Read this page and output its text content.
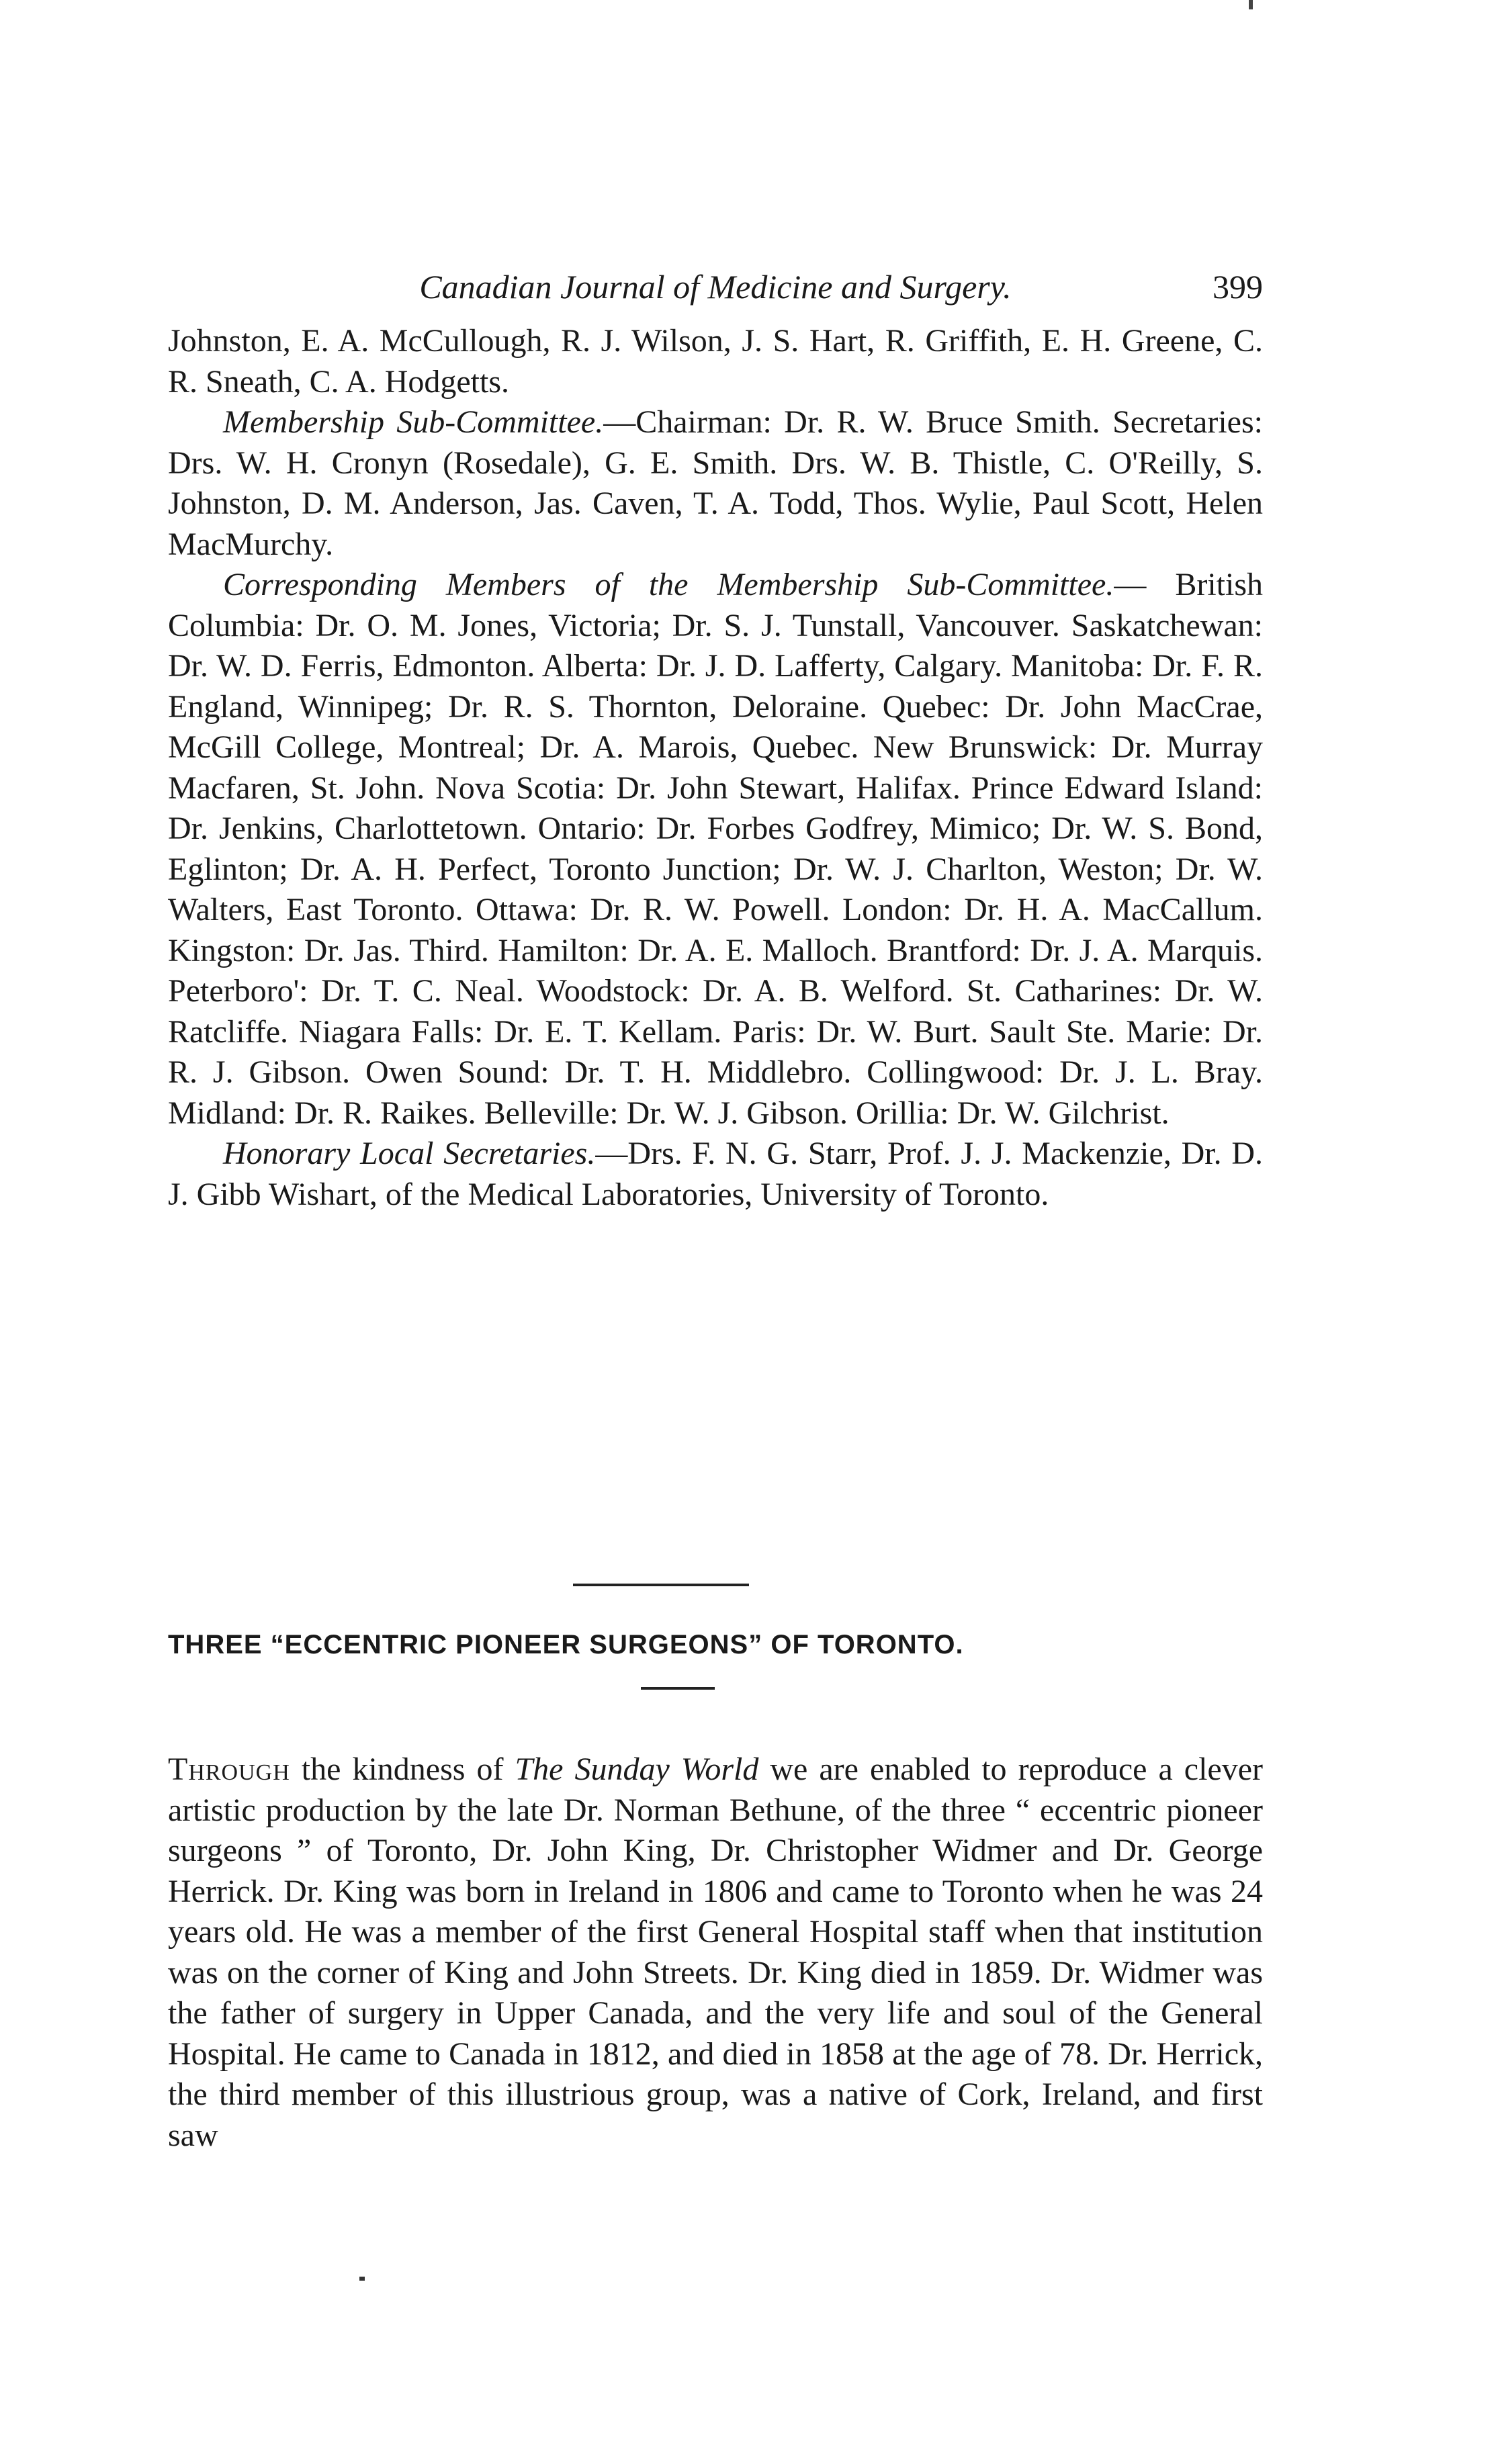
Canadian Journal of Medicine and Surgery.	399

Johnston, E. A. McCullough, R. J. Wilson, J. S. Hart, R. Griffith, E. H. Greene, C. R. Sneath, C. A. Hodgetts.

Membership Sub-Committee.—Chairman: Dr. R. W. Bruce Smith. Secretaries: Drs. W. H. Cronyn (Rosedale), G. E. Smith. Drs. W. B. Thistle, C. O'Reilly, S. Johnston, D. M. Anderson, Jas. Caven, T. A. Todd, Thos. Wylie, Paul Scott, Helen MacMurchy.

Corresponding Members of the Membership Sub-Committee.— British Columbia: Dr. O. M. Jones, Victoria; Dr. S. J. Tunstall, Vancouver. Saskatchewan: Dr. W. D. Ferris, Edmonton. Alberta: Dr. J. D. Lafferty, Calgary. Manitoba: Dr. F. R. England, Winnipeg; Dr. R. S. Thornton, Deloraine. Quebec: Dr. John MacCrae, McGill College, Montreal; Dr. A. Marois, Quebec. New Brunswick: Dr. Murray Macfaren, St. John. Nova Scotia: Dr. John Stewart, Halifax. Prince Edward Island: Dr. Jenkins, Charlottetown. Ontario: Dr. Forbes Godfrey, Mimico; Dr. W. S. Bond, Eglinton; Dr. A. H. Perfect, Toronto Junction; Dr. W. J. Charlton, Weston; Dr. W. Walters, East Toronto. Ottawa: Dr. R. W. Powell. London: Dr. H. A. MacCallum. Kingston: Dr. Jas. Third. Hamilton: Dr. A. E. Malloch. Brantford: Dr. J. A. Marquis. Peterboro': Dr. T. C. Neal. Woodstock: Dr. A. B. Welford. St. Catharines: Dr. W. Ratcliffe. Niagara Falls: Dr. E. T. Kellam. Paris: Dr. W. Burt. Sault Ste. Marie: Dr. R. J. Gibson. Owen Sound: Dr. T. H. Middlebro. Collingwood: Dr. J. L. Bray. Midland: Dr. R. Raikes. Belleville: Dr. W. J. Gibson. Orillia: Dr. W. Gilchrist.

Honorary Local Secretaries.—Drs. F. N. G. Starr, Prof. J. J. Mackenzie, Dr. D. J. Gibb Wishart, of the Medical Laboratories, University of Toronto.

THREE “ECCENTRIC PIONEER SURGEONS” OF TORONTO.

Through the kindness of The Sunday World we are enabled to reproduce a clever artistic production by the late Dr. Norman Bethune, of the three “ eccentric pioneer surgeons ” of Toronto, Dr. John King, Dr. Christopher Widmer and Dr. George Herrick. Dr. King was born in Ireland in 1806 and came to Toronto when he was 24 years old. He was a member of the first General Hospital staff when that institution was on the corner of King and John Streets. Dr. King died in 1859. Dr. Widmer was the father of surgery in Upper Canada, and the very life and soul of the General Hospital. He came to Canada in 1812, and died in 1858 at the age of 78. Dr. Herrick, the third member of this illustrious group, was a native of Cork, Ireland, and first saw
